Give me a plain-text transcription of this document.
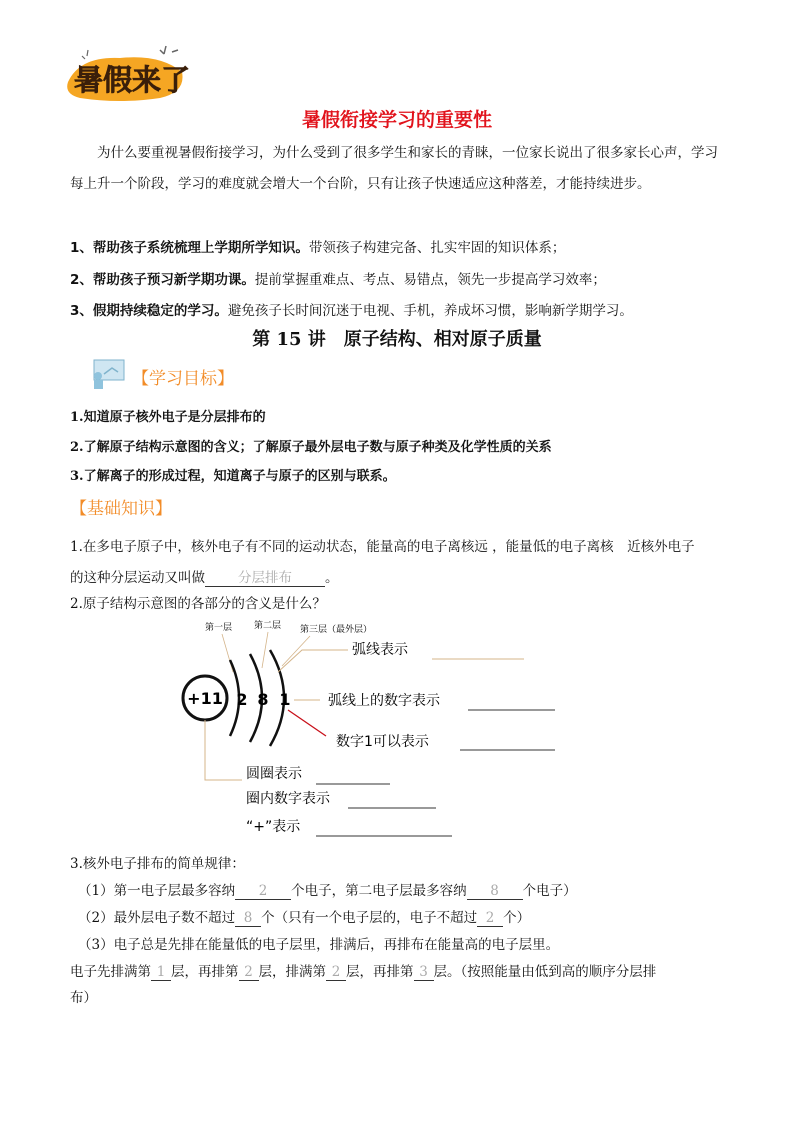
暑假来了
暑假衔接学习的重要性
为什么要重视暑假衔接学习，为什么受到了很多学生和家长的青睐，一位家长说出了很多家长心声，学习每上升一个阶段，学习的难度就会增大一个台阶，只有让孩子快速适应这种落差，才能持续进步。
1、帮助孩子系统梳理上学期所学知识。带领孩子构建完备、扎实牢固的知识体系；
2、帮助孩子预习新学期功课。提前掌握重难点、考点、易错点，领先一步提高学习效率；
3、假期持续稳定的学习。避免孩子长时间沉迷于电视、手机，养成坏习惯，影响新学期学习。
第 15 讲　原子结构、相对原子质量
【学习目标】
1.知道原子核外电子是分层排布的
2.了解原子结构示意图的含义；了解原子最外层电子数与原子种类及化学性质的关系
3.了解离子的形成过程，知道离子与原子的区别与联系。
【基础知识】
1.在多电子原子中，核外电子有不同的运动状态，能量高的电子离核远 ，能量低的电子离核　近核外电子
的这种分层运动又叫做 分层排布 。
2.原子结构示意图的各部分的含义是什么？
第一层 第二层 第三层（最外层）
+11 2 8 1
弧线表示
弧线上的数字表示
数字1可以表示
圆圈表示
圈内数字表示
“+”表示
3.核外电子排布的简单规律：
（1）第一电子层最多容纳 2 个电子，第二电子层最多容纳 8 个电子）
（2）最外层电子数不超过 8 个（只有一个电子层的，电子不超过 2 个）
（3）电子总是先排在能量低的电子层里，排满后，再排布在能量高的电子层里。
电子先排满第 1 层，再排第 2 层，排满第 2 层，再排第 3 层。（按照能量由低到高的顺序分层排
布）
